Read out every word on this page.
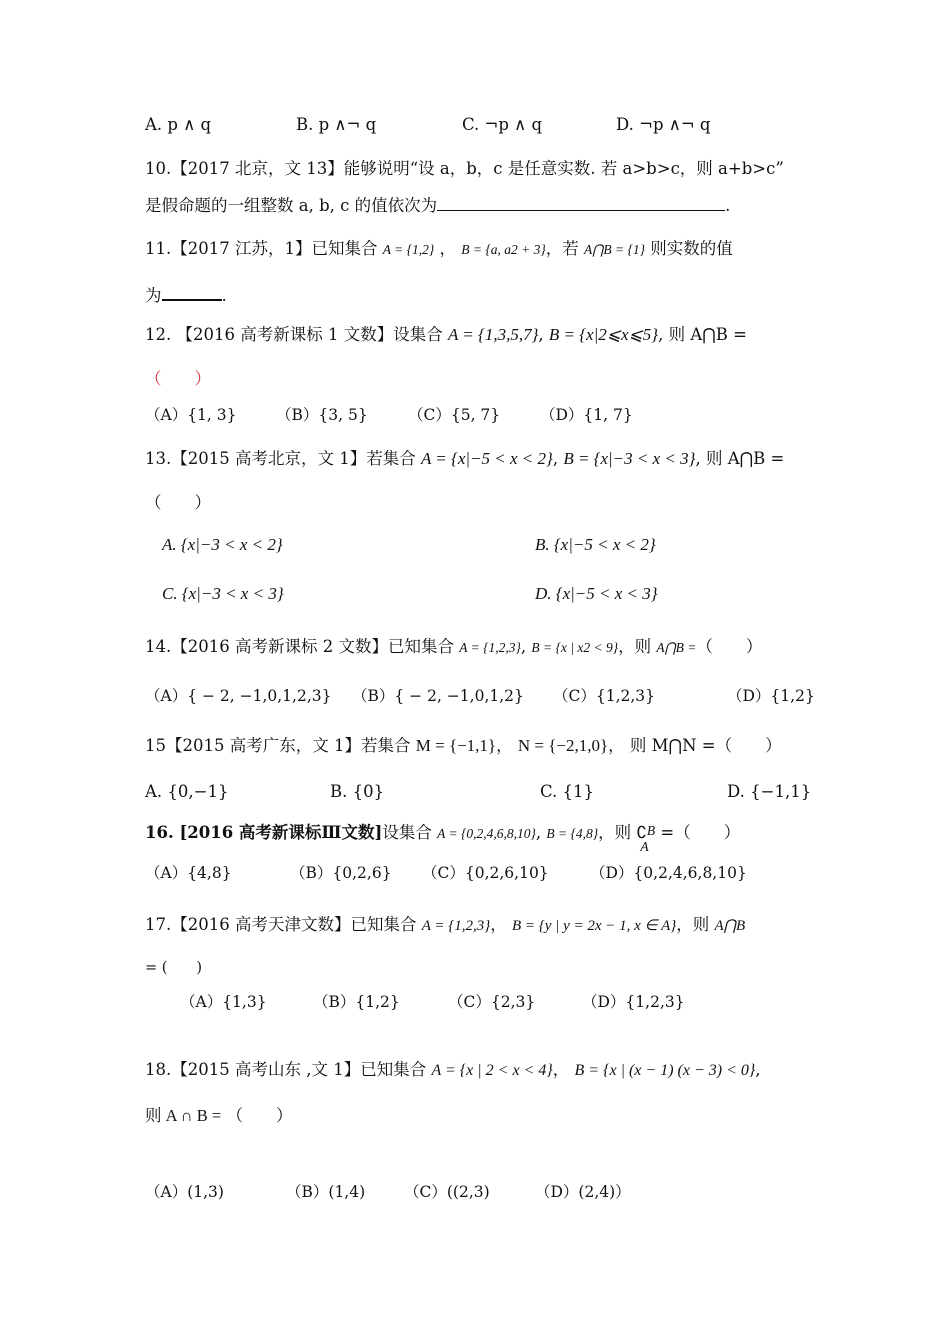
A. p ∧ q	B. p ∧¬ q	C. ¬p ∧ q	D. ¬p ∧¬ q
10.【2017 北京，文 13】能够说明“设 a，b，c 是任意实数. 若 a>b>c，则 a+b>c”
是假命题的一组整数 a, b, c 的值依次为	.
11.【2017 江苏，1】已知集合 A = {1,2} ， B = {a, a2 + 3}，若 A⋂B = {1} 则实数的值
为	.
12. 【2016 高考新课标 1 文数】设集合 A = {1,3,5,7}, B = {x|2⩽x⩽5}, 则 A⋂B =
（　　）
（A）{1, 3}	（B）{3, 5}	（C）{5, 7}	（D）{1, 7}
13.【2015 高考北京，文 1】若集合 A = {x|−5 < x < 2}, B = {x|−3 < x < 3}, 则 A⋂B =
（　　）
A. {x|−3 < x < 2}	B. {x|−5 < x < 2}
C. {x|−3 < x < 3}	D. {x|−5 < x < 3}
14.【2016 高考新课标 2 文数】已知集合 A = {1,2,3}, B = {x | x2 < 9}，则 A⋂B =（　　）
（A）{ − 2, −1,0,1,2,3} （B）{ − 2, −1,0,1,2} （C）{1,2,3}	（D）{1,2}
15【2015 高考广东，文 1】若集合 M = {−1,1}， N = {−2,1,0}， 则 M⋂N =（　　）
A. {0,−1}	B. {0}	C. {1}	D. {−1,1}
16. [2016 高考新课标Ⅲ文数]设集合 A = {0,2,4,6,8,10}, B = {4,8}，则 ∁B
A
=（　　）
（A）{4,8}	（B）{0,2,6} （C）{0,2,6,10}	（D）{0,2,4,6,8,10}
17.【2016 高考天津文数】已知集合 A = {1,2,3}， B = {y | y = 2x − 1, x ∈ A}，则 A⋂B
= (　　)
（A）{1,3}	（B）{1,2}	（C）{2,3}	（D）{1,2,3}
18.【2015 高考山东 ,文 1】已知集合 A = {x | 2 < x < 4}， B = {x | (x − 1) (x − 3) < 0},
则 A ∩ B = （　　）
（A）(1,3)	（B）(1,4)	（C）((2,3)	（D）(2,4)）
